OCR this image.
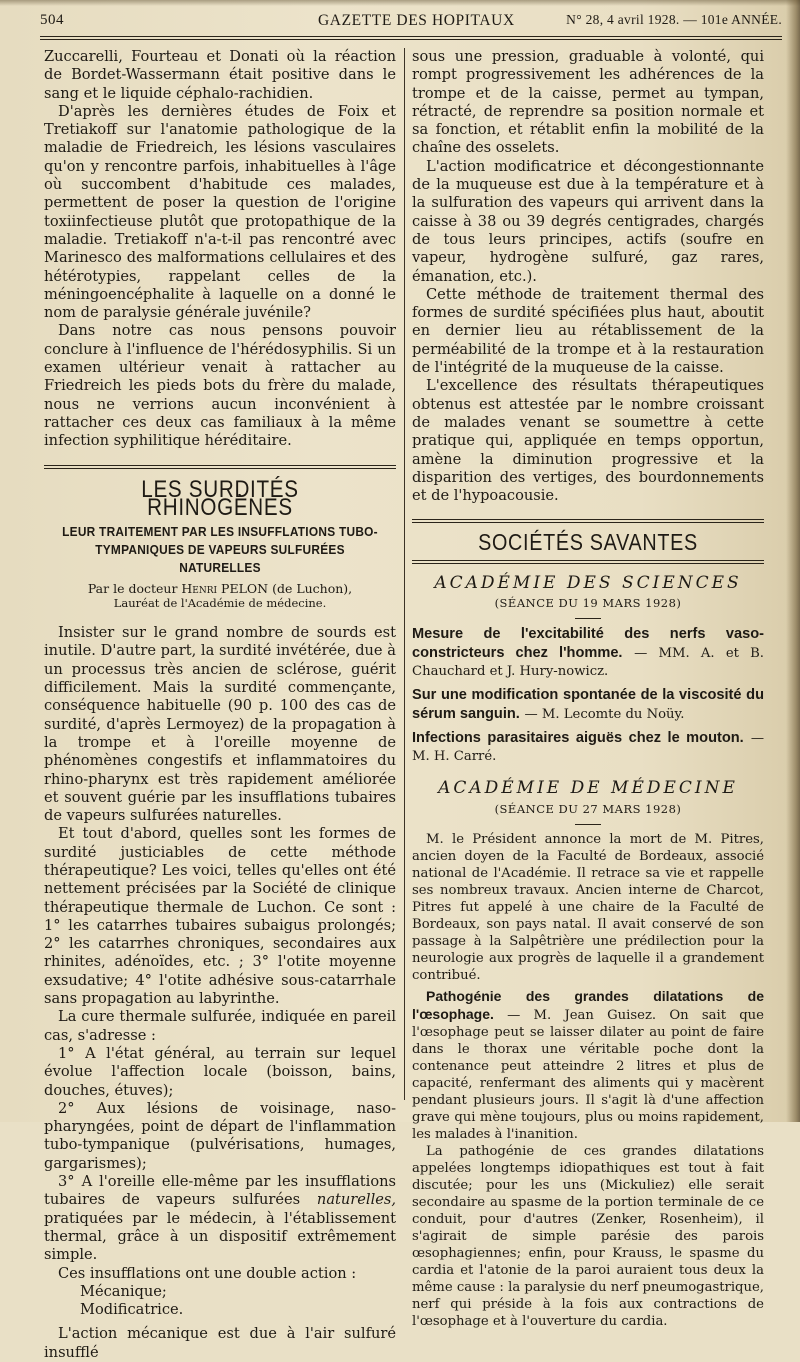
504	GAZETTE DES HOPITAUX	N° 28, 4 avril 1928. — 101e ANNÉE.

Zuccarelli, Fourteau et Donati où la réaction de Bordet-Wassermann était positive dans le sang et le liquide céphalo-rachidien.

D'après les dernières études de Foix et Tretiakoff sur l'anatomie pathologique de la maladie de Friedreich, les lésions vasculaires qu'on y rencontre parfois, inhabituelles à l'âge où succombent d'habitude ces malades, permettent de poser la question de l'origine toxiinfectieuse plutôt que protopathique de la maladie. Tretiakoff n'a-t-il pas rencontré avec Marinesco des malformations cellulaires et des hétérotypies, rappelant celles de la méningoencéphalite à laquelle on a donné le nom de paralysie générale juvénile?

Dans notre cas nous pensons pouvoir conclure à l'influence de l'hérédosyphilis. Si un examen ultérieur venait à rattacher au Friedreich les pieds bots du frère du malade, nous ne verrions aucun inconvénient à rattacher ces deux cas familiaux à la même infection syphilitique héréditaire.

LES SURDITÉS RHINOGÈNES
LEUR TRAITEMENT PAR LES INSUFFLATIONS TUBO-TYMPANIQUES DE VAPEURS SULFURÉES NATURELLES
Par le docteur Henri PELON (de Luchon),
Lauréat de l'Académie de médecine.

Insister sur le grand nombre de sourds est inutile. D'autre part, la surdité invétérée, due à un processus très ancien de sclérose, guérit difficilement. Mais la surdité commençante, conséquence habituelle (90 p. 100 des cas de surdité, d'après Lermoyez) de la propagation à la trompe et à l'oreille moyenne de phénomènes congestifs et inflammatoires du rhino-pharynx est très rapidement améliorée et souvent guérie par les insufflations tubaires de vapeurs sulfurées naturelles.

Et tout d'abord, quelles sont les formes de surdité justiciables de cette méthode thérapeutique? Les voici, telles qu'elles ont été nettement précisées par la Société de clinique thérapeutique thermale de Luchon. Ce sont : 1° les catarrhes tubaires subaigus prolongés; 2° les catarrhes chroniques, secondaires aux rhinites, adénoïdes, etc. ; 3° l'otite moyenne exsudative; 4° l'otite adhésive sous-catarrhale sans propagation au labyrinthe.

La cure thermale sulfurée, indiquée en pareil cas, s'adresse :

1° A l'état général, au terrain sur lequel évolue l'affection locale (boisson, bains, douches, étuves);

2° Aux lésions de voisinage, naso-pharyngées, point de départ de l'inflammation tubo-tympanique (pulvérisations, humages, gargarismes);

3° A l'oreille elle-même par les insufflations tubaires de vapeurs sulfurées naturelles, pratiquées par le médecin, à l'établissement thermal, grâce à un dispositif extrêmement simple.

Ces insufflations ont une double action :

Mécanique;

Modificatrice.

L'action mécanique est due à l'air sulfuré insufflé

sous une pression, graduable à volonté, qui rompt progressivement les adhérences de la trompe et de la caisse, permet au tympan, rétracté, de reprendre sa position normale et sa fonction, et rétablit enfin la mobilité de la chaîne des osselets.

L'action modificatrice et décongestionnante de la muqueuse est due à la température et à la sulfuration des vapeurs qui arrivent dans la caisse à 38 ou 39 degrés centigrades, chargés de tous leurs principes, actifs (soufre en vapeur, hydrogène sulfuré, gaz rares, émanation, etc.).

Cette méthode de traitement thermal des formes de surdité spécifiées plus haut, aboutit en dernier lieu au rétablissement de la perméabilité de la trompe et à la restauration de l'intégrité de la muqueuse de la caisse.

L'excellence des résultats thérapeutiques obtenus est attestée par le nombre croissant de malades venant se soumettre à cette pratique qui, appliquée en temps opportun, amène la diminution progressive et la disparition des vertiges, des bourdonnements et de l'hypoacousie.

SOCIÉTÉS SAVANTES
ACADÉMIE DES SCIENCES
(SÉANCE DU 19 MARS 1928)

Mesure de l'excitabilité des nerfs vaso-constricteurs chez l'homme. — MM. A. et B. Chauchard et J. Hury-nowicz.

Sur une modification spontanée de la viscosité du sérum sanguin. — M. Lecomte du Noüy.

Infections parasitaires aiguës chez le mouton. — M. H. Carré.

ACADÉMIE DE MÉDECINE
(SÉANCE DU 27 MARS 1928)

M. le Président annonce la mort de M. Pitres, ancien doyen de la Faculté de Bordeaux, associé national de l'Académie. Il retrace sa vie et rappelle ses nombreux travaux. Ancien interne de Charcot, Pitres fut appelé à une chaire de la Faculté de Bordeaux, son pays natal. Il avait conservé de son passage à la Salpêtrière une prédilection pour la neurologie aux progrès de laquelle il a grandement contribué.

Pathogénie des grandes dilatations de l'œsophage. — M. Jean Guisez. On sait que l'œsophage peut se laisser dilater au point de faire dans le thorax une véritable poche dont la contenance peut atteindre 2 litres et plus de capacité, renfermant des aliments qui y macèrent pendant plusieurs jours. Il s'agit là d'une affection grave qui mène toujours, plus ou moins rapidement, les malades à l'inanition.

La pathogénie de ces grandes dilatations appelées longtemps idiopathiques est tout à fait discutée; pour les uns (Mickuliez) elle serait secondaire au spasme de la portion terminale de ce conduit, pour d'autres (Zenker, Rosenheim), il s'agirait de simple parésie des parois œsophagiennes; enfin, pour Krauss, le spasme du cardia et l'atonie de la paroi auraient tous deux la même cause : la paralysie du nerf pneumogastrique, nerf qui préside à la fois aux contractions de l'œsophage et à l'ouverture du cardia.
